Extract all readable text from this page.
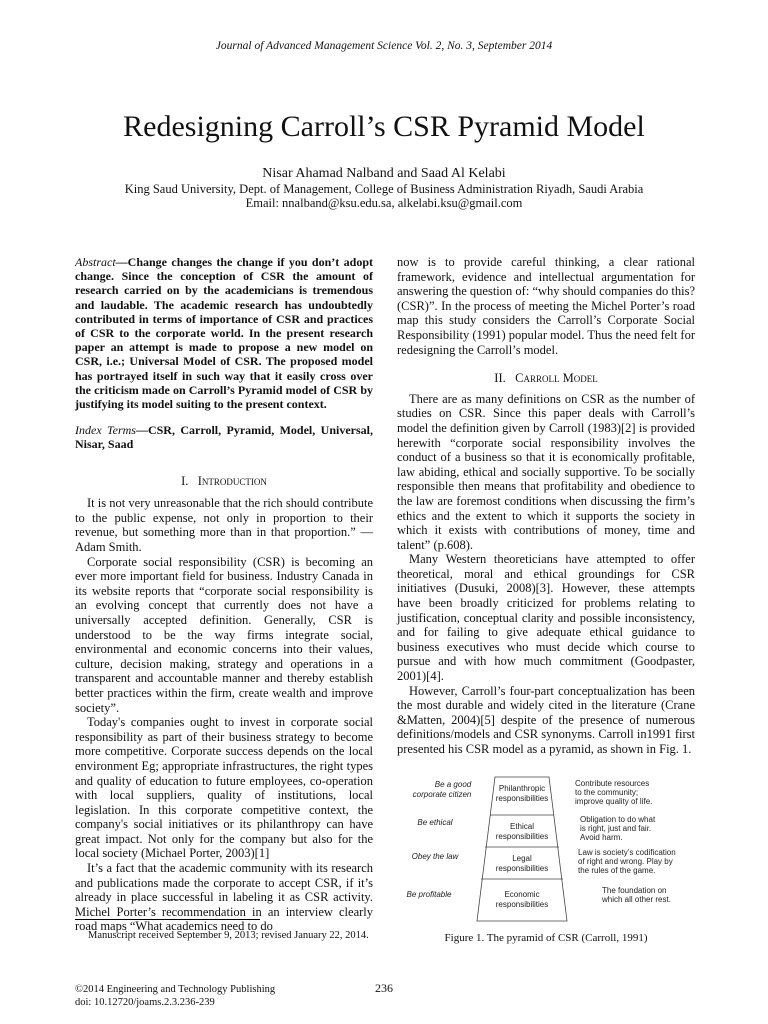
Journal of Advanced Management Science Vol. 2, No. 3, September 2014
Redesigning Carroll’s CSR Pyramid Model
Nisar Ahamad Nalband and Saad Al Kelabi
King Saud University, Dept. of Management, College of Business Administration Riyadh, Saudi Arabia
Email: nnalband@ksu.edu.sa, alkelabi.ksu@gmail.com
Abstract—Change changes the change if you don’t adopt change. Since the conception of CSR the amount of research carried on by the academicians is tremendous and laudable. The academic research has undoubtedly contributed in terms of importance of CSR and practices of CSR to the corporate world. In the present research paper an attempt is made to propose a new model on CSR, i.e.; Universal Model of CSR. The proposed model has portrayed itself in such way that it easily cross over the criticism made on Carroll’s Pyramid model of CSR by justifying its model suiting to the present context.
Index Terms—CSR, Carroll, Pyramid, Model, Universal, Nisar, Saad
I. Introduction

It is not very unreasonable that the rich should contribute to the public expense, not only in proportion to their revenue, but something more than in that proportion.” — Adam Smith.

Corporate social responsibility (CSR) is becoming an ever more important field for business. Industry Canada in its website reports that “corporate social responsibility is an evolving concept that currently does not have a universally accepted definition. Generally, CSR is understood to be the way firms integrate social, environmental and economic concerns into their values, culture, decision making, strategy and operations in a transparent and accountable manner and thereby establish better practices within the firm, create wealth and improve society”.

Today's companies ought to invest in corporate social responsibility as part of their business strategy to become more competitive. Corporate success depends on the local environment Eg; appropriate infrastructures, the right types and quality of education to future employees, co-operation with local suppliers, quality of institutions, local legislation. In this corporate competitive context, the company's social initiatives or its philanthropy can have great impact. Not only for the company but also for the local society (Michael Porter, 2003)[1]

It’s a fact that the academic community with its research and publications made the corporate to accept CSR, if it’s already in place successful in labeling it as CSR activity. Michel Porter’s recommendation in an interview clearly road maps “What academics need to do

now is to provide careful thinking, a clear rational framework, evidence and intellectual argumentation for answering the question of: “why should companies do this? (CSR)”. In the process of meeting the Michel Porter’s road map this study considers the Carroll’s Corporate Social Responsibility (1991) popular model. Thus the need felt for redesigning the Carroll’s model.

II. Carroll Model

There are as many definitions on CSR as the number of studies on CSR. Since this paper deals with Carroll’s model the definition given by Carroll (1983)[2] is provided herewith “corporate social responsibility involves the conduct of a business so that it is economically profitable, law abiding, ethical and socially supportive. To be socially responsible then means that profitability and obedience to the law are foremost conditions when discussing the firm’s ethics and the extent to which it supports the society in which it exists with contributions of money, time and talent” (p.608).

Many Western theoreticians have attempted to offer theoretical, moral and ethical groundings for CSR initiatives (Dusuki, 2008)[3]. However, these attempts have been broadly criticized for problems relating to justification, conceptual clarity and possible inconsistency, and for failing to give adequate ethical guidance to business executives who must decide which course to pursue and with how much commitment (Goodpaster, 2001)[4].

However, Carroll’s four-part conceptualization has been the most durable and widely cited in the literature (Crane &Matten, 2004)[5] despite of the presence of numerous definitions/models and CSR synonyms. Carroll in1991 first presented his CSR model as a pyramid, as shown in Fig. 1.

Philanthropic
responsibilities
Ethical
responsibilities
Legal
responsibilities
Economic
responsibilities
Be a good
corporate citizen
Be ethical
Obey the law
Be profitable
Contribute resources
to the community;
improve quality of life.
Obligation to do what
is right, just and fair.
Avoid harm.
Law is society’s codification
of right and wrong. Play by
the rules of the game.
The foundation on
which all other rest.
Figure 1. The pyramid of CSR (Carroll, 1991)
Manuscript received September 9, 2013; revised January 22, 2014.
©2014 Engineering and Technology Publishing
doi: 10.12720/joams.2.3.236-239
236
